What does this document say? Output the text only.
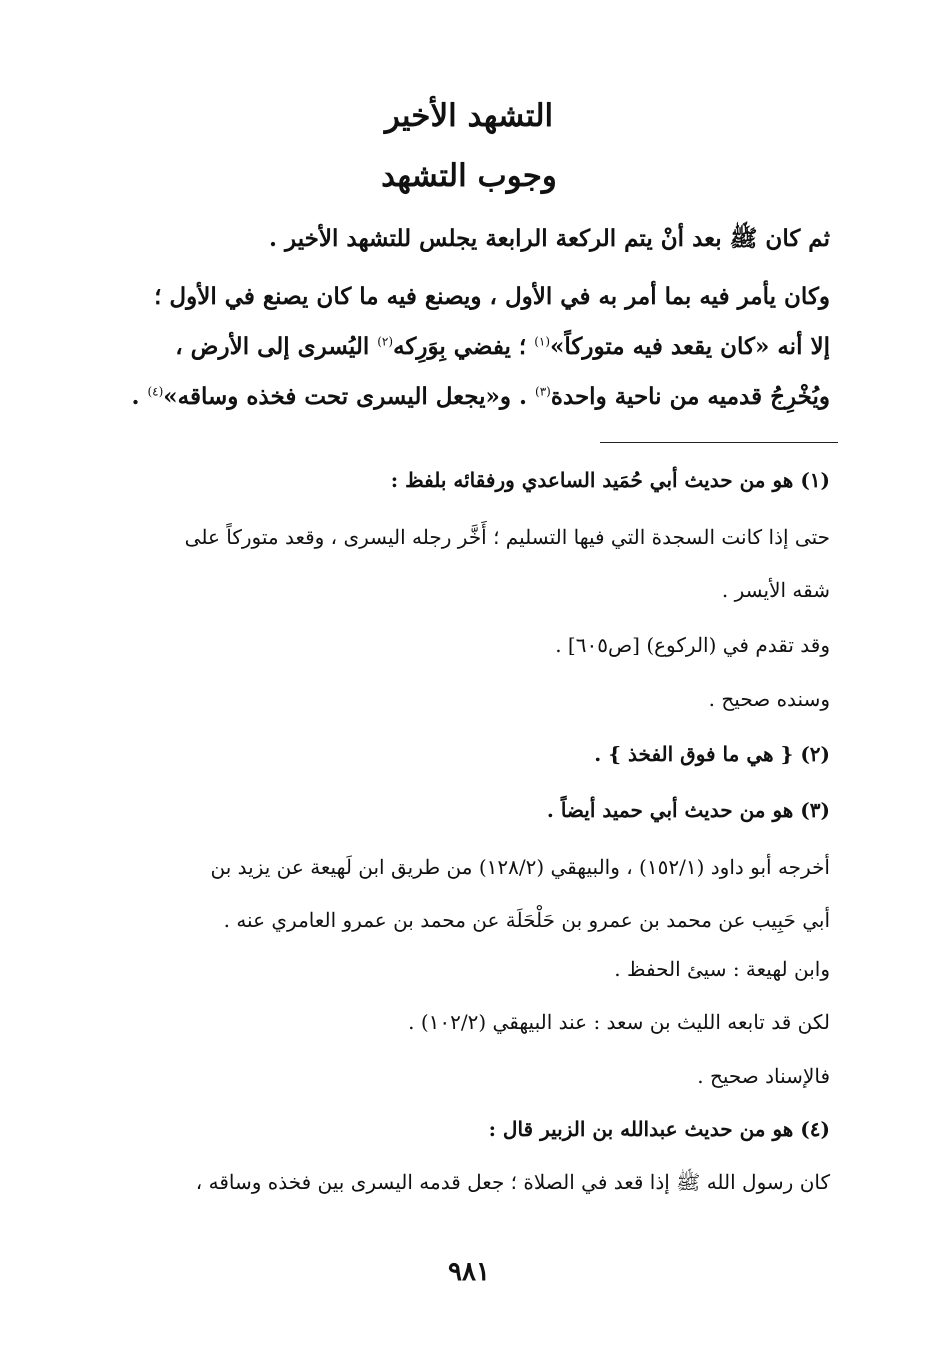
التشهد الأخير
وجوب التشهد

ثم كان ﷺ بعد أنْ يتم الركعة الرابعة يجلس للتشهد الأخير .

وكان يأمر فيه بما أمر به في الأول ، ويصنع فيه ما كان يصنع في الأول ؛

إلا أنه «كان يقعد فيه متوركاً»$^{(١)}$ ؛ يفضي بِوَرِكه$^{(٢)}$ اليُسرى إلى الأرض ،

ويُخْرِجُ قدميه من ناحية واحدة$^{(٣)}$ . و«يجعل اليسرى تحت فخذه وساقه»$^{(٤)}$ .

(١) هو من حديث أبي حُمَيد الساعدي ورفقائه بلفظ :

حتى إذا كانت السجدة التي فيها التسليم ؛ أَخَّر رجله اليسرى ، وقعد متوركاً على

شقه الأيسر .

وقد تقدم في (الركوع) [ص٦٠٥] .

وسنده صحيح .

(٢) { هي ما فوق الفخذ } .

(٣) هو من حديث أبي حميد أيضاً .

أخرجه أبو داود (١٥٢/١) ، والبيهقي (١٢٨/٢) من طريق ابن لَهيعة عن يزيد بن

أبي حَبِيب عن محمد بن عمرو بن حَلْحَلَة عن محمد بن عمرو العامري عنه .

وابن لهيعة : سيئ الحفظ .

لكن قد تابعه الليث بن سعد : عند البيهقي (١٠٢/٢) .

فالإسناد صحيح .

(٤) هو من حديث عبدالله بن الزبير قال :

كان رسول الله ﷺ إذا قعد في الصلاة ؛ جعل قدمه اليسرى بين فخذه وساقه ،

٩٨١
